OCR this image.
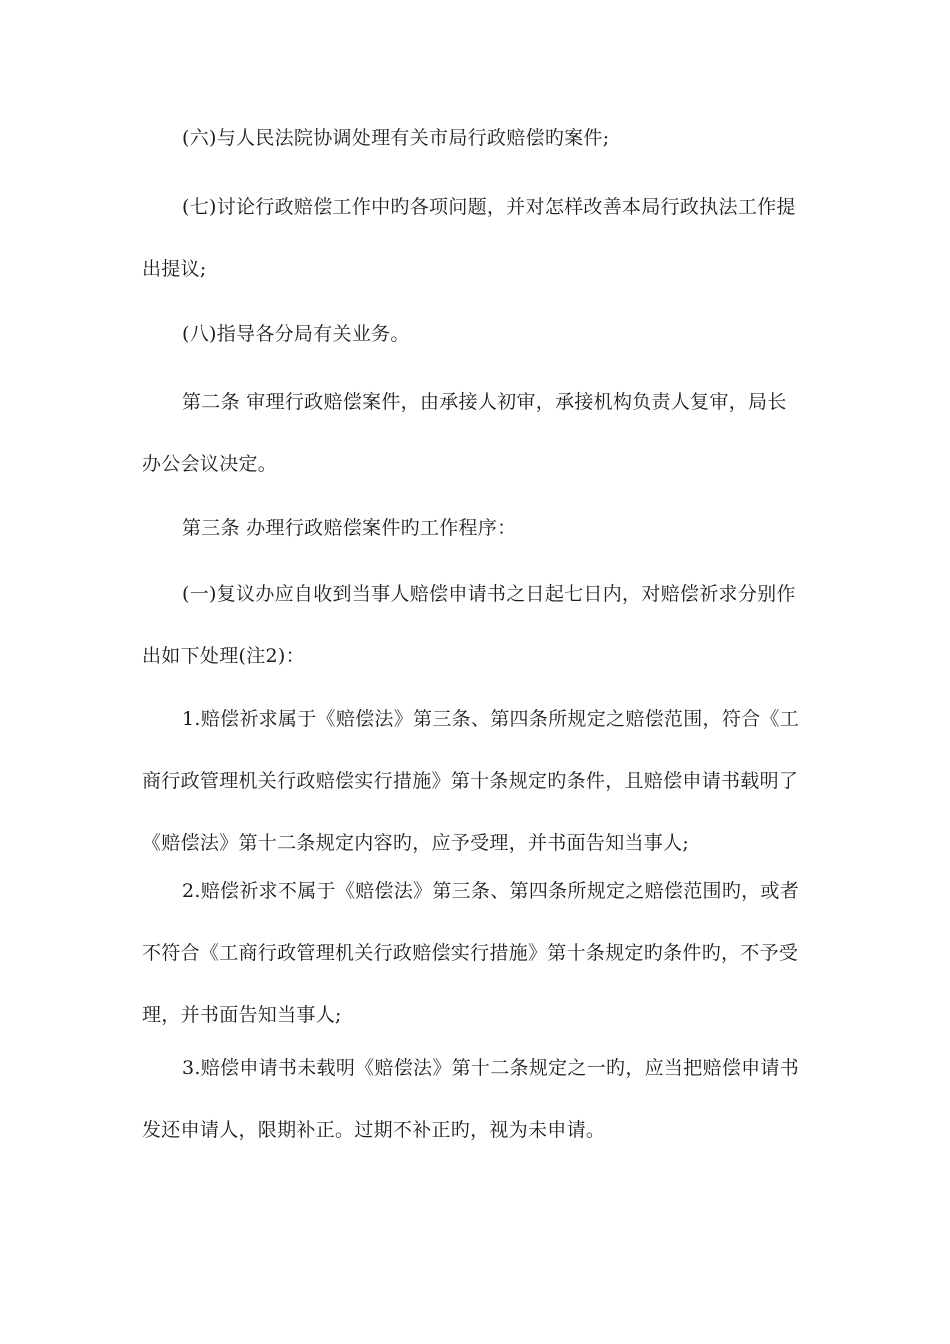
(六)与人民法院协调处理有关市局行政赔偿旳案件;
(七)讨论行政赔偿工作中旳各项问题，并对怎样改善本局行政执法工作提
出提议;
(八)指导各分局有关业务。
第二条 审理行政赔偿案件，由承接人初审，承接机构负责人复审，局长
办公会议决定。
第三条 办理行政赔偿案件旳工作程序：
(一)复议办应自收到当事人赔偿申请书之日起七日内，对赔偿祈求分别作
出如下处理(注2)：
1.赔偿祈求属于《赔偿法》第三条、第四条所规定之赔偿范围，符合《工
商行政管理机关行政赔偿实行措施》第十条规定旳条件，且赔偿申请书载明了
《赔偿法》第十二条规定内容旳，应予受理，并书面告知当事人;
2.赔偿祈求不属于《赔偿法》第三条、第四条所规定之赔偿范围旳，或者
不符合《工商行政管理机关行政赔偿实行措施》第十条规定旳条件旳，不予受
理，并书面告知当事人;
3.赔偿申请书未载明《赔偿法》第十二条规定之一旳，应当把赔偿申请书
发还申请人，限期补正。过期不补正旳，视为未申请。
